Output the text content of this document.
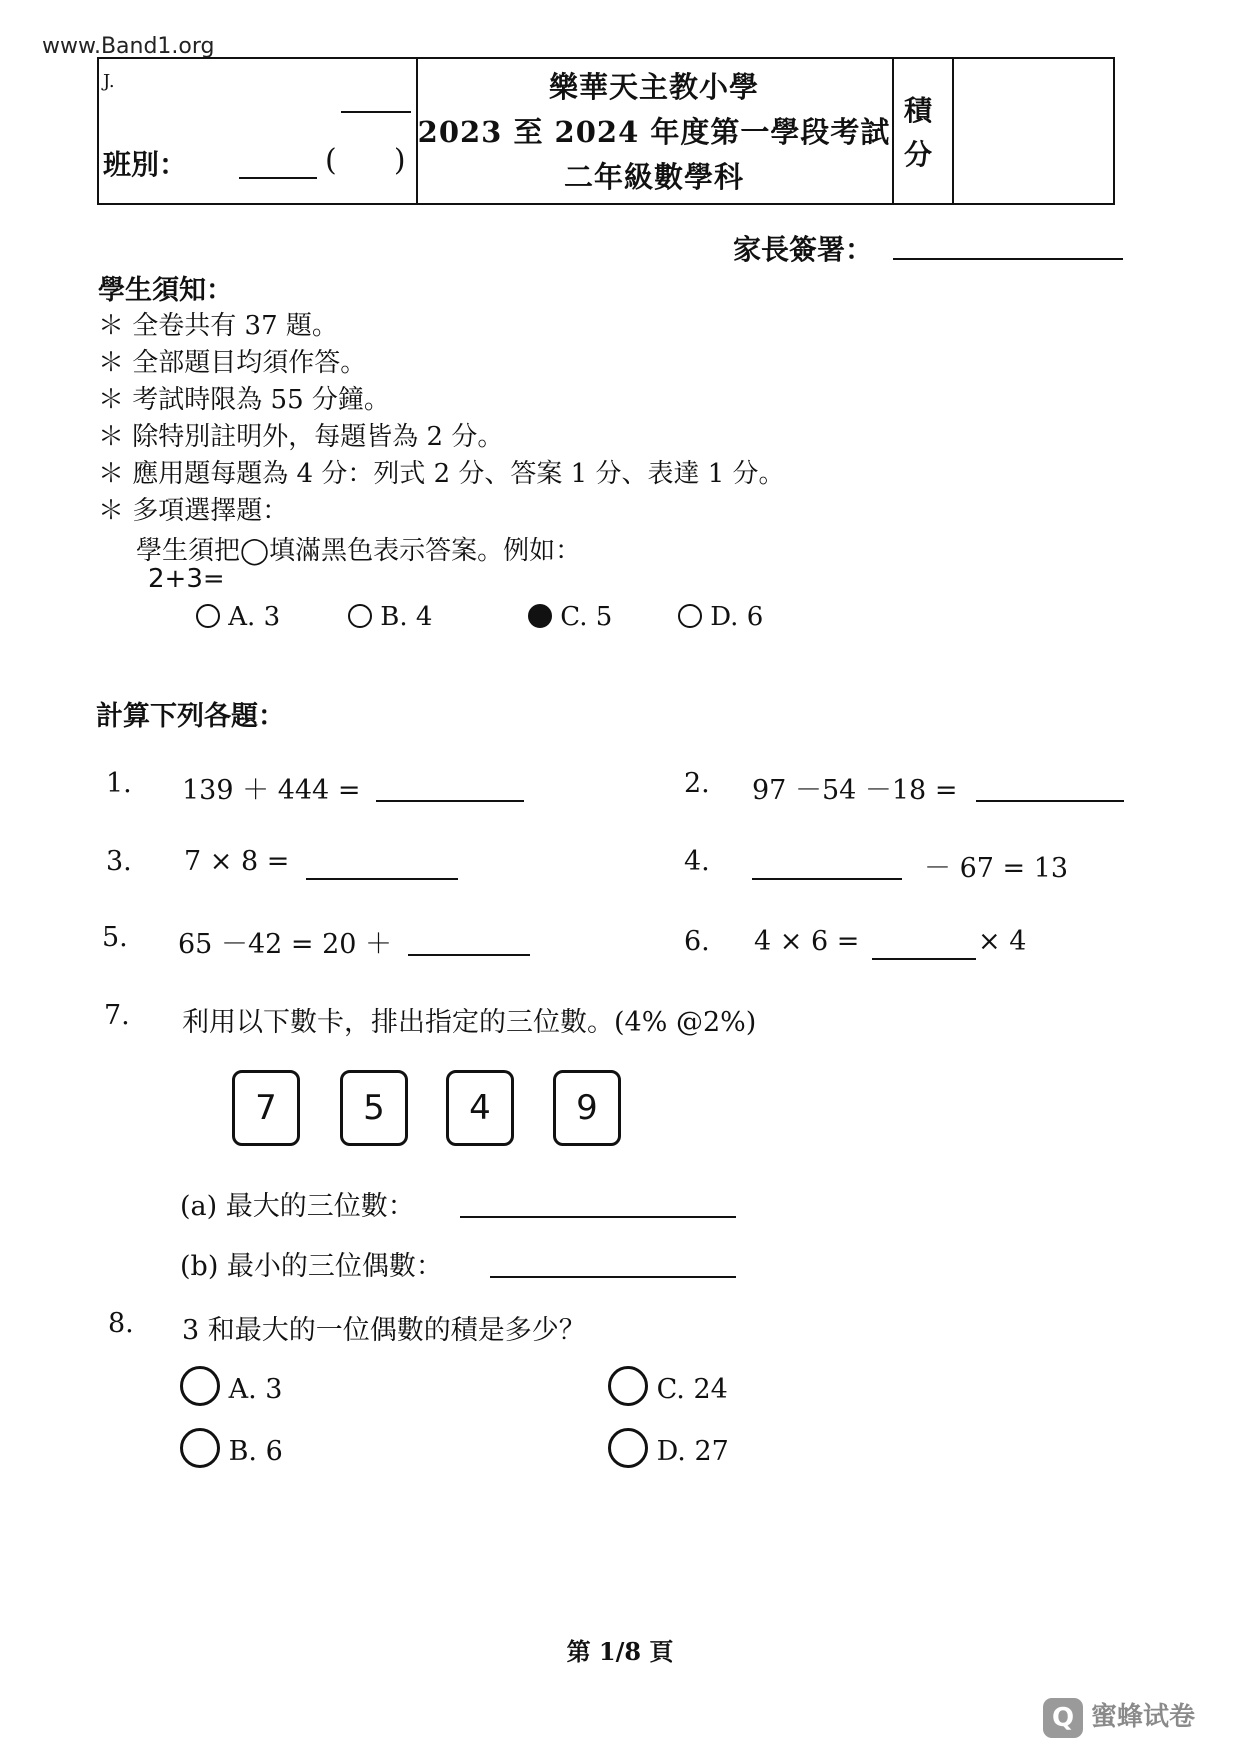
www.Band1.org
J.
班別：	(      )
樂華天主教小學
2023 至 2024 年度第一學段考試
二年級數學科
積
分
家長簽署：
學生須知：
＊ 全卷共有 37 題。
＊ 全部題目均須作答。
＊ 考試時限為 55 分鐘。
＊ 除特別註明外，每題皆為 2 分。
＊ 應用題每題為 4 分：列式 2 分、答案 1 分、表達 1 分。
＊ 多項選擇題：
學生須把◯填滿黑色表示答案。例如：
2+3=
A. 3	B. 4	C. 5	D. 6
計算下列各題：
1. 139 ＋ 444 =	2. 97 －54 －18 =
3. 7 × 8 =	4.	－ 67 = 13
5. 65 －42 = 20 ＋	6. 4 × 6 =	× 4
7. 利用以下數卡，排出指定的三位數。(4% @2%)
7	5	4	9
(a) 最大的三位數：
(b) 最小的三位偶數：
8. 3 和最大的一位偶數的積是多少？
A. 3	C. 24
B. 6	D. 27
第 1/8 頁
Q 蜜蜂试卷
